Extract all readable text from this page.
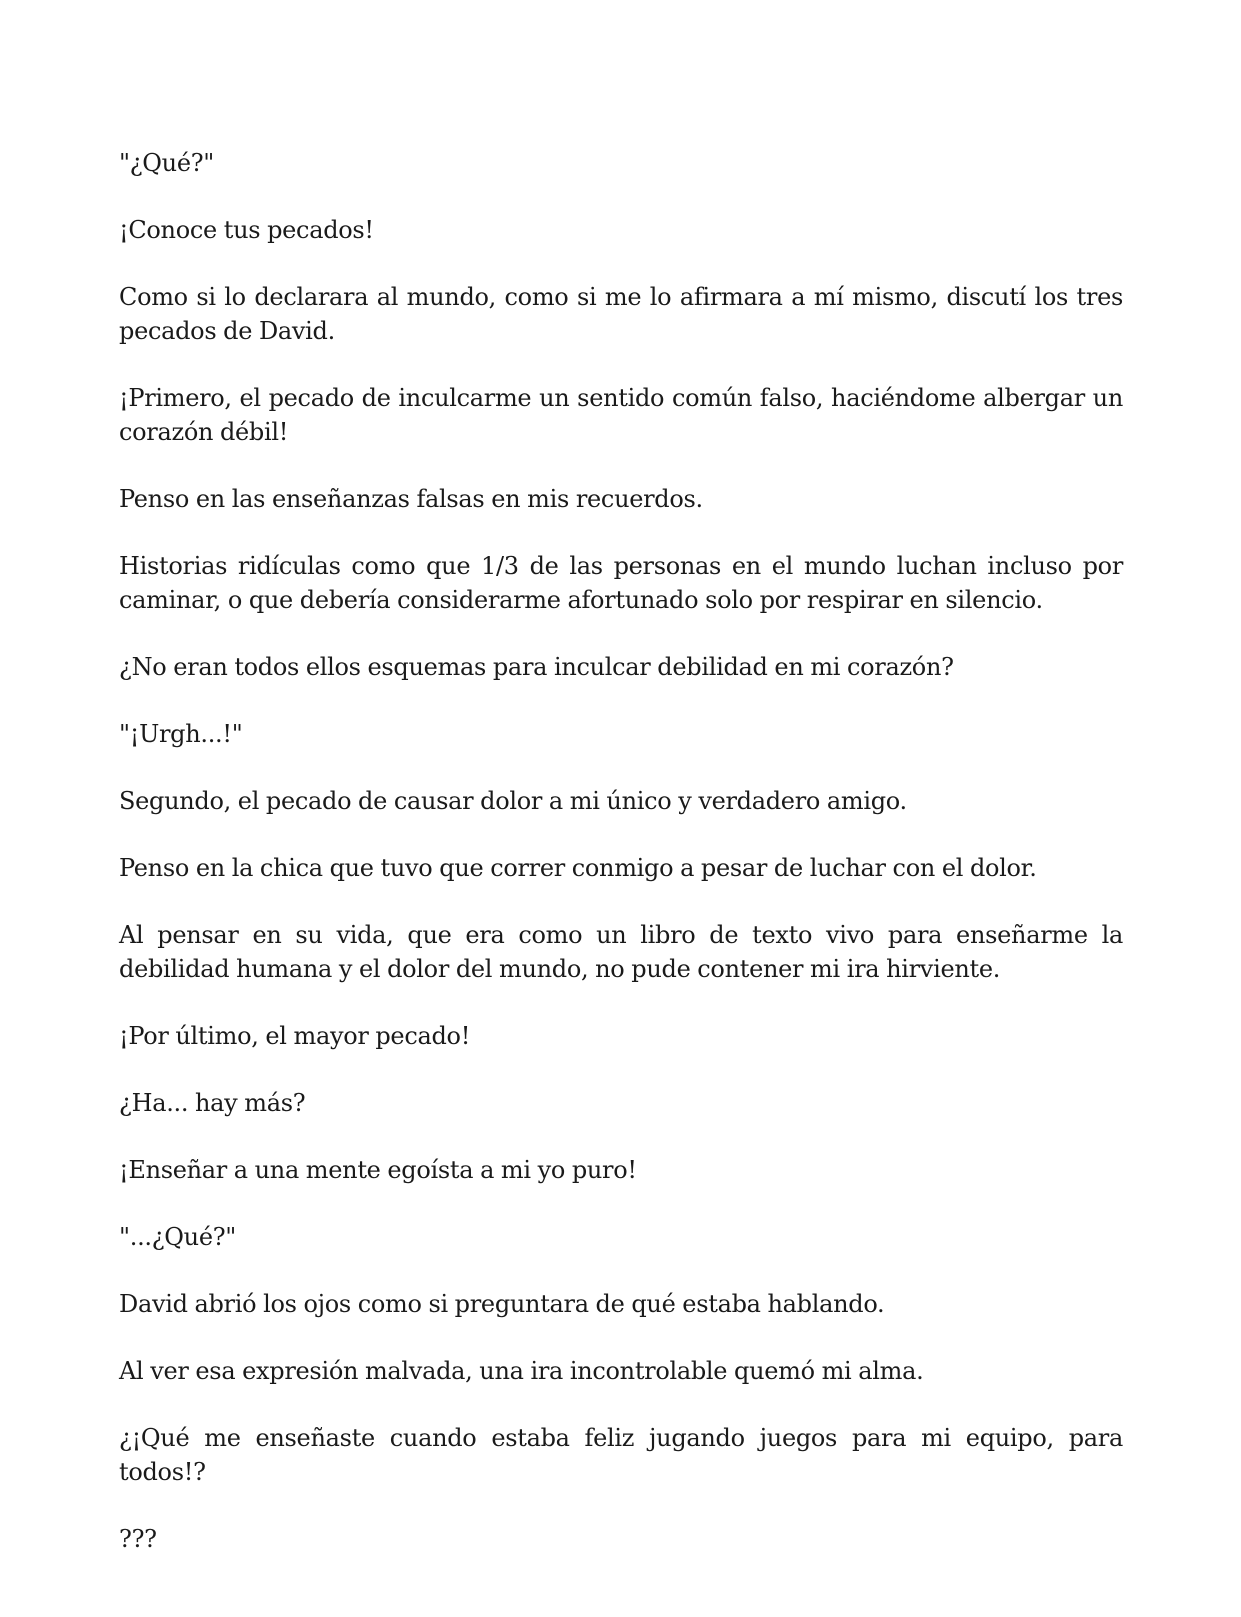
"¿Qué?"

¡Conoce tus pecados!

Como si lo declarara al mundo, como si me lo afirmara a mí mismo, discutí los tres pecados de David.

¡Primero, el pecado de inculcarme un sentido común falso, haciéndome albergar un corazón débil!

Penso en las enseñanzas falsas en mis recuerdos.

Historias ridículas como que 1/3 de las personas en el mundo luchan incluso por caminar, o que debería considerarme afortunado solo por respirar en silencio.

¿No eran todos ellos esquemas para inculcar debilidad en mi corazón?

"¡Urgh...!"

Segundo, el pecado de causar dolor a mi único y verdadero amigo.

Penso en la chica que tuvo que correr conmigo a pesar de luchar con el dolor.

Al pensar en su vida, que era como un libro de texto vivo para enseñarme la debilidad humana y el dolor del mundo, no pude contener mi ira hirviente.

¡Por último, el mayor pecado!

¿Ha... hay más?

¡Enseñar a una mente egoísta a mi yo puro!

"...¿Qué?"

David abrió los ojos como si preguntara de qué estaba hablando.

Al ver esa expresión malvada, una ira incontrolable quemó mi alma.

¿¡Qué me enseñaste cuando estaba feliz jugando juegos para mi equipo, para todos!?

???
